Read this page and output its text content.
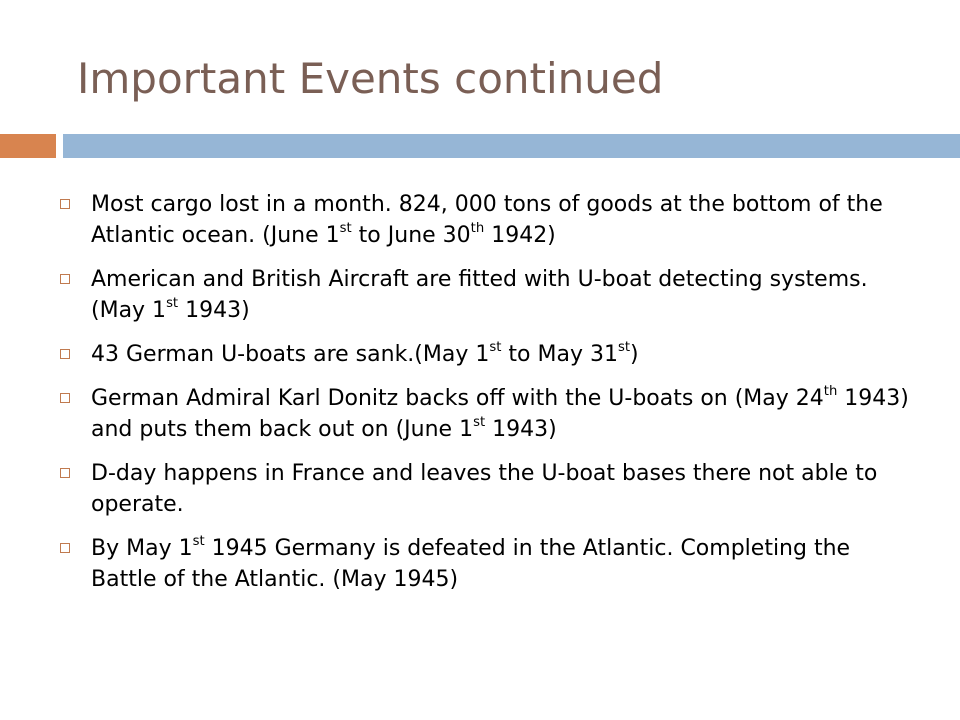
Important Events continued
Most cargo lost in a month. 824, 000 tons of goods at the bottom of the Atlantic ocean. (June 1st to June 30th 1942)
American and British Aircraft are fitted with U-boat detecting systems. (May 1st 1943)
43 German U-boats are sank.(May 1st to May 31st)
German Admiral Karl Donitz backs off with the U-boats on (May 24th 1943) and puts them back out on (June 1st 1943)
D-day happens in France and leaves the U-boat bases there not able to operate.
By May 1st 1945 Germany is defeated in the Atlantic. Completing the Battle of the Atlantic. (May 1945)
